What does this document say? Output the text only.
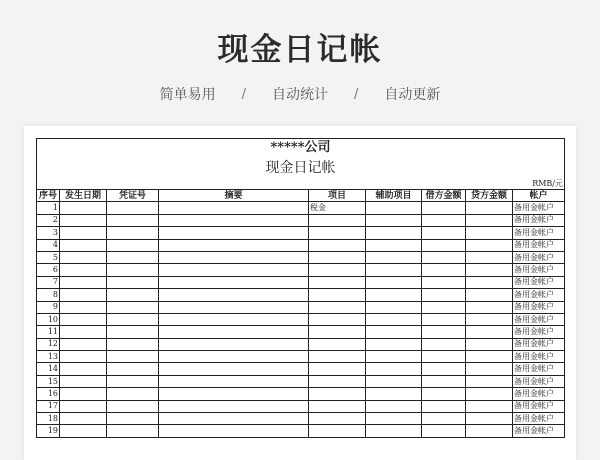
现金日记帐
简单易用 / 自动统计 / 自动更新
*****公司								
现金日记帐								
RMB/元								
序号	发生日期	凭证号	摘要	项目	辅助项目	借方金额	贷方金额	帐户
1				税金				备用金帐户
2								备用金帐户
3								备用金帐户
4								备用金帐户
5								备用金帐户
6								备用金帐户
7								备用金帐户
8								备用金帐户
9								备用金帐户
10								备用金帐户
11								备用金帐户
12								备用金帐户
13								备用金帐户
14								备用金帐户
15								备用金帐户
16								备用金帐户
17								备用金帐户
18								备用金帐户
19								备用金帐户
